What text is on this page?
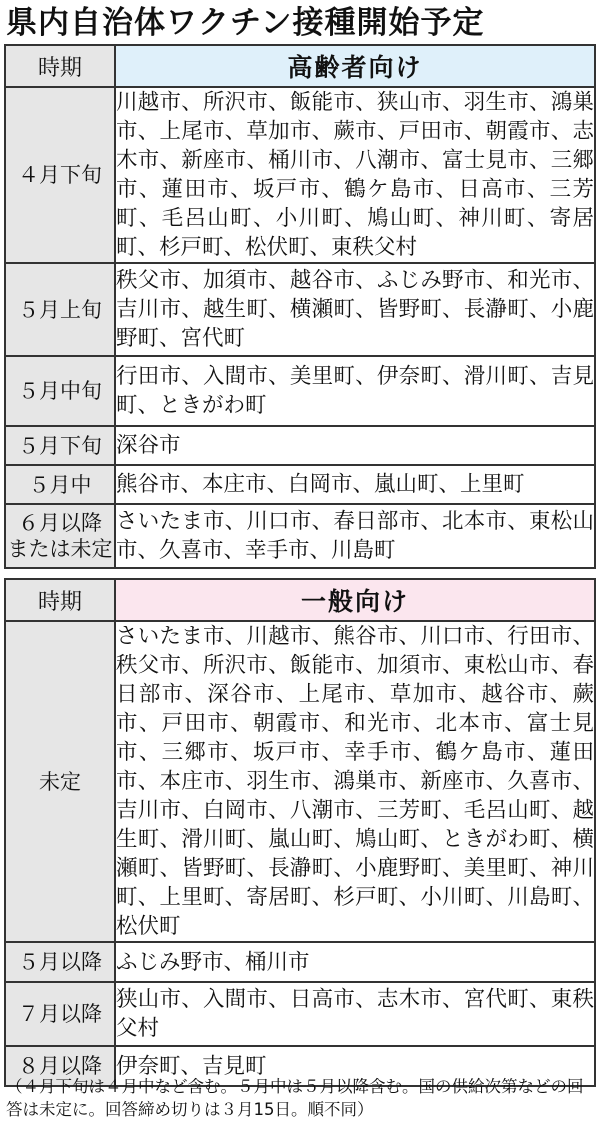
県内自治体ワクチン接種開始予定
時期	高齢者向け
４月下旬	川越市、所沢市、飯能市、狭山市、羽生市、鴻巣市、上尾市、草加市、蕨市、戸田市、朝霞市、志木市、新座市、桶川市、八潮市、富士見市、三郷市、蓮田市、坂戸市、鶴ケ島市、日高市、三芳町、毛呂山町、小川町、鳩山町、神川町、寄居町、杉戸町、松伏町、東秩父村
５月上旬	秩父市、加須市、越谷市、ふじみ野市、和光市、吉川市、越生町、横瀬町、皆野町、長瀞町、小鹿野町、宮代町
５月中旬	行田市、入間市、美里町、伊奈町、滑川町、吉見町、ときがわ町
５月下旬	深谷市
５月中	熊谷市、本庄市、白岡市、嵐山町、上里町
６月以降
または未定	さいたま市、川口市、春日部市、北本市、東松山市、久喜市、幸手市、川島町
時期	一般向け
未定	さいたま市、川越市、熊谷市、川口市、行田市、秩父市、所沢市、飯能市、加須市、東松山市、春日部市、深谷市、上尾市、草加市、越谷市、蕨市、戸田市、朝霞市、和光市、北本市、富士見市、三郷市、坂戸市、幸手市、鶴ケ島市、蓮田市、本庄市、羽生市、鴻巣市、新座市、久喜市、吉川市、白岡市、八潮市、三芳町、毛呂山町、越生町、滑川町、嵐山町、鳩山町、ときがわ町、横瀬町、皆野町、長瀞町、小鹿野町、美里町、神川町、上里町、寄居町、杉戸町、小川町、川島町、松伏町
５月以降	ふじみ野市、桶川市
７月以降	狭山市、入間市、日高市、志木市、宮代町、東秩父村
８月以降	伊奈町、吉見町
（４月下旬は４月中など含む。５月中は５月以降含む。国の供給次第などの回答は未定に。回答締め切りは３月15日。順不同）
